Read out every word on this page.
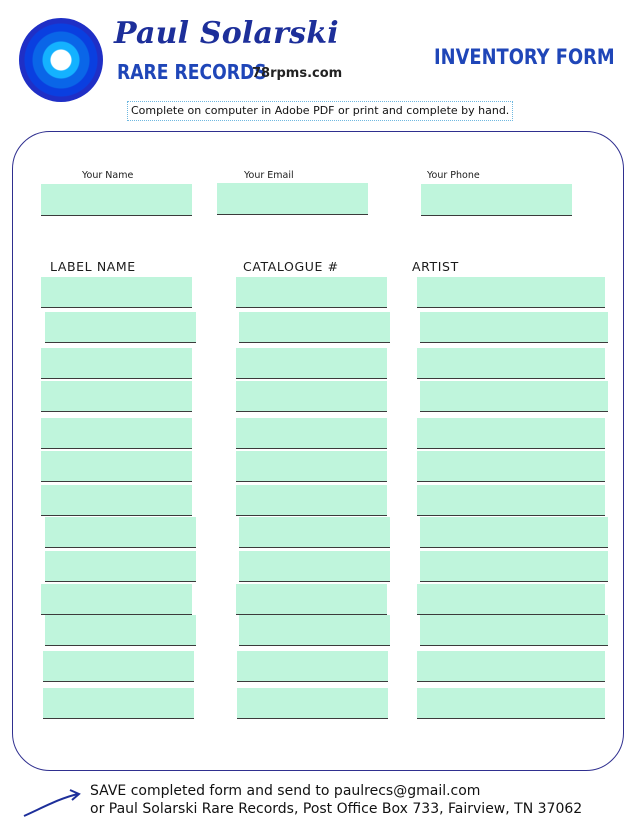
Paul Solarski
RARE RECORDS
78rpms.com
INVENTORY FORM
Complete on computer in Adobe PDF or print and complete by hand.
Your Name	Your Email	Your Phone
LABEL NAME	CATALOGUE #	ARTIST
SAVE completed form and send to paulrecs@gmail.com
or Paul Solarski Rare Records, Post Office Box 733, Fairview, TN 37062
